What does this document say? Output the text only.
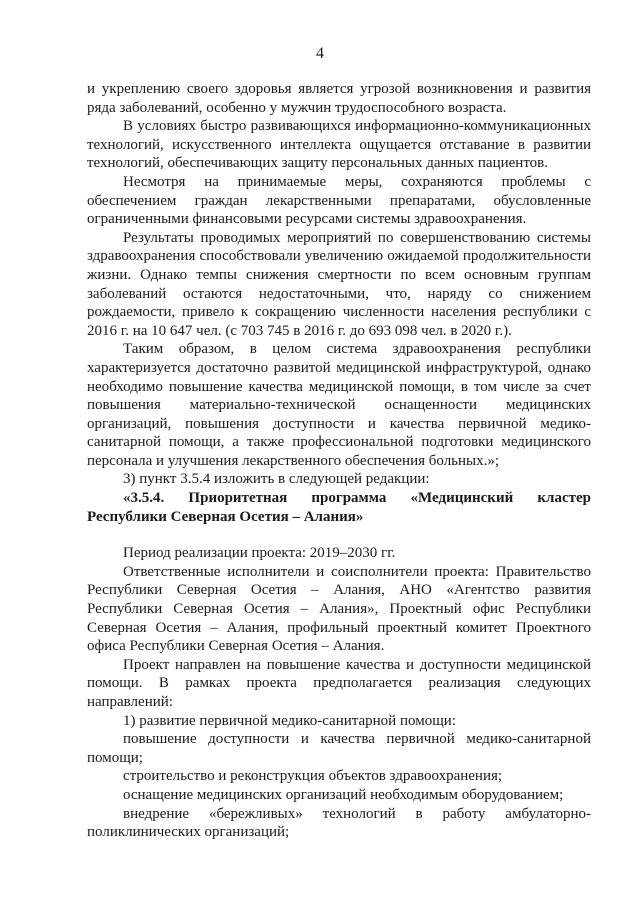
4

и укреплению своего здоровья является угрозой возникновения и развития ряда заболеваний, особенно у мужчин трудоспособного возраста.

В условиях быстро развивающихся информационно-коммуникационных технологий, искусственного интеллекта ощущается отставание в развитии технологий, обеспечивающих защиту персональных данных пациентов.

Несмотря на принимаемые меры, сохраняются проблемы с обеспечением граждан лекарственными препаратами, обусловленные ограниченными финансовыми ресурсами системы здравоохранения.

Результаты проводимых мероприятий по совершенствованию системы здравоохранения способствовали увеличению ожидаемой продолжительности жизни. Однако темпы снижения смертности по всем основным группам заболеваний остаются недостаточными, что, наряду со снижением рождаемости, привело к сокращению численности населения республики с 2016 г. на 10 647 чел. (с 703 745 в 2016 г. до 693 098 чел. в 2020 г.).

Таким образом, в целом система здравоохранения республики характеризуется достаточно развитой медицинской инфраструктурой, однако необходимо повышение качества медицинской помощи, в том числе за счет повышения материально-технической оснащенности медицинских организаций, повышения доступности и качества первичной медико-санитарной помощи, а также профессиональной подготовки медицинского персонала и улучшения лекарственного обеспечения больных.»;

3) пункт 3.5.4 изложить в следующей редакции:

«3.5.4. Приоритетная программа «Медицинский кластер Республики Северная Осетия – Алания»

Период реализации проекта: 2019–2030 гг.

Ответственные исполнители и соисполнители проекта: Правительство Республики Северная Осетия – Алания, АНО «Агентство развития Республики Северная Осетия – Алания», Проектный офис Республики Северная Осетия – Алания, профильный проектный комитет Проектного офиса Республики Северная Осетия – Алания.

Проект направлен на повышение качества и доступности медицинской помощи. В рамках проекта предполагается реализация следующих направлений:

1) развитие первичной медико-санитарной помощи:

повышение доступности и качества первичной медико-санитарной помощи;

строительство и реконструкция объектов здравоохранения;

оснащение медицинских организаций необходимым оборудованием;

внедрение «бережливых» технологий в работу амбулаторно-поликлинических организаций;
